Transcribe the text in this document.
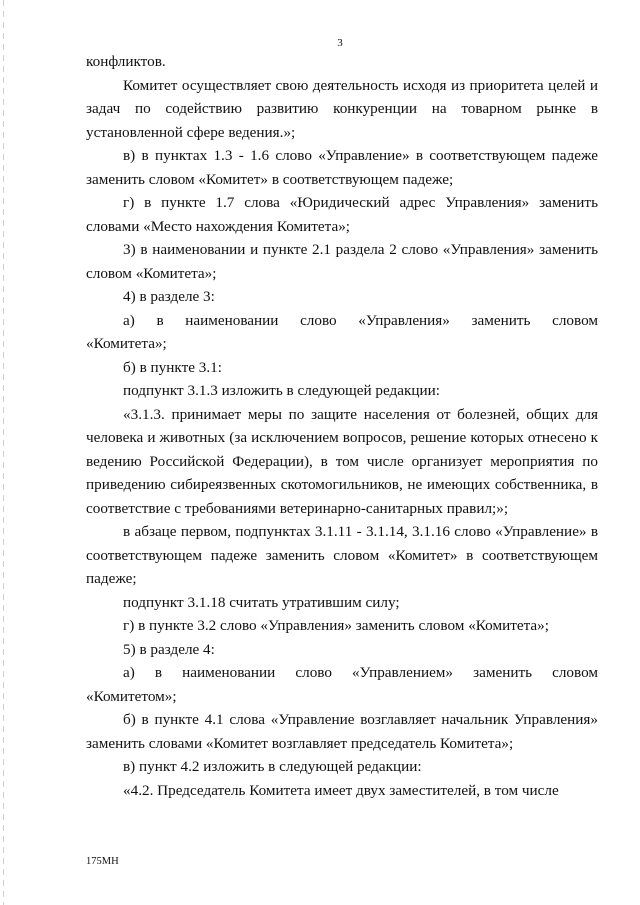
3

конфликтов.

Комитет осуществляет свою деятельность исходя из приоритета целей и задач по содействию развитию конкуренции на товарном рынке в установленной сфере ведения.»;

в) в пунктах 1.3 - 1.6 слово «Управление» в соответствующем падеже заменить словом «Комитет» в соответствующем падеже;

г) в пункте 1.7 слова «Юридический адрес Управления» заменить словами «Место нахождения Комитета»;

3) в наименовании и пункте 2.1 раздела 2 слово «Управления» заменить словом «Комитета»;

4) в разделе 3:

а) в наименовании слово «Управления» заменить словом «Комитета»;

б) в пункте 3.1:

подпункт 3.1.3 изложить в следующей редакции:

«3.1.3. принимает меры по защите населения от болезней, общих для человека и животных (за исключением вопросов, решение которых отнесено к ведению Российской Федерации), в том числе организует мероприятия по приведению сибиреязвенных скотомогильников, не имеющих собственника, в соответствие с требованиями ветеринарно-санитарных правил;»;

в абзаце первом, подпунктах 3.1.11 - 3.1.14, 3.1.16 слово «Управление» в соответствующем падеже заменить словом «Комитет» в соответствующем падеже;

подпункт 3.1.18 считать утратившим силу;

г) в пункте 3.2 слово «Управления» заменить словом «Комитета»;

5) в разделе 4:

а) в наименовании слово «Управлением» заменить словом «Комитетом»;

б) в пункте 4.1 слова «Управление возглавляет начальник Управления» заменить словами «Комитет возглавляет председатель Комитета»;

в) пункт 4.2 изложить в следующей редакции:

«4.2. Председатель Комитета имеет двух заместителей, в том числе

175МН
